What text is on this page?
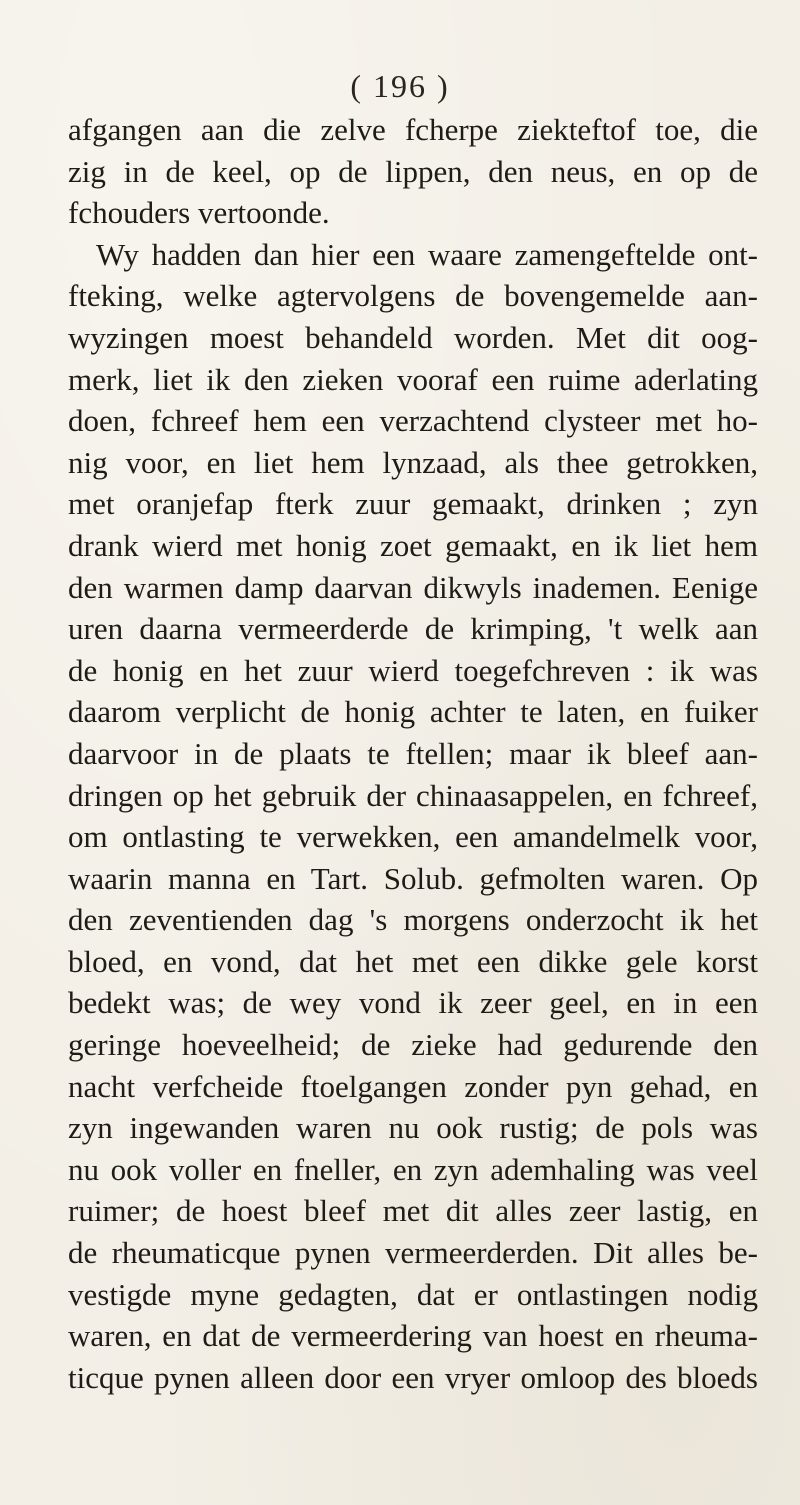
( 196 )
afgangen aan die zelve fcherpe ziekteftof toe, die
zig in de keel, op de lippen, den neus, en op de
fchouders vertoonde.
Wy hadden dan hier een waare zamengeftelde ont-
fteking, welke agtervolgens de bovengemelde aan-
wyzingen moest behandeld worden. Met dit oog-
merk, liet ik den zieken vooraf een ruime aderlating
doen, fchreef hem een verzachtend clysteer met ho-
nig voor, en liet hem lynzaad, als thee getrokken,
met oranjefap fterk zuur gemaakt, drinken ; zyn
drank wierd met honig zoet gemaakt, en ik liet hem
den warmen damp daarvan dikwyls inademen. Eenige
uren daarna vermeerderde de krimping, 't welk aan
de honig en het zuur wierd toegefchreven : ik was
daarom verplicht de honig achter te laten, en fuiker
daarvoor in de plaats te ftellen; maar ik bleef aan-
dringen op het gebruik der chinaasappelen, en fchreef,
om ontlasting te verwekken, een amandelmelk voor,
waarin manna en Tart. Solub. gefmolten waren. Op
den zeventienden dag 's morgens onderzocht ik het
bloed, en vond, dat het met een dikke gele korst
bedekt was; de wey vond ik zeer geel, en in een
geringe hoeveelheid; de zieke had gedurende den
nacht verfcheide ftoelgangen zonder pyn gehad, en
zyn ingewanden waren nu ook rustig; de pols was
nu ook voller en fneller, en zyn ademhaling was veel
ruimer; de hoest bleef met dit alles zeer lastig, en
de rheumaticque pynen vermeerderden. Dit alles be-
vestigde myne gedagten, dat er ontlastingen nodig
waren, en dat de vermeerdering van hoest en rheuma-
ticque pynen alleen door een vryer omloop des bloeds
